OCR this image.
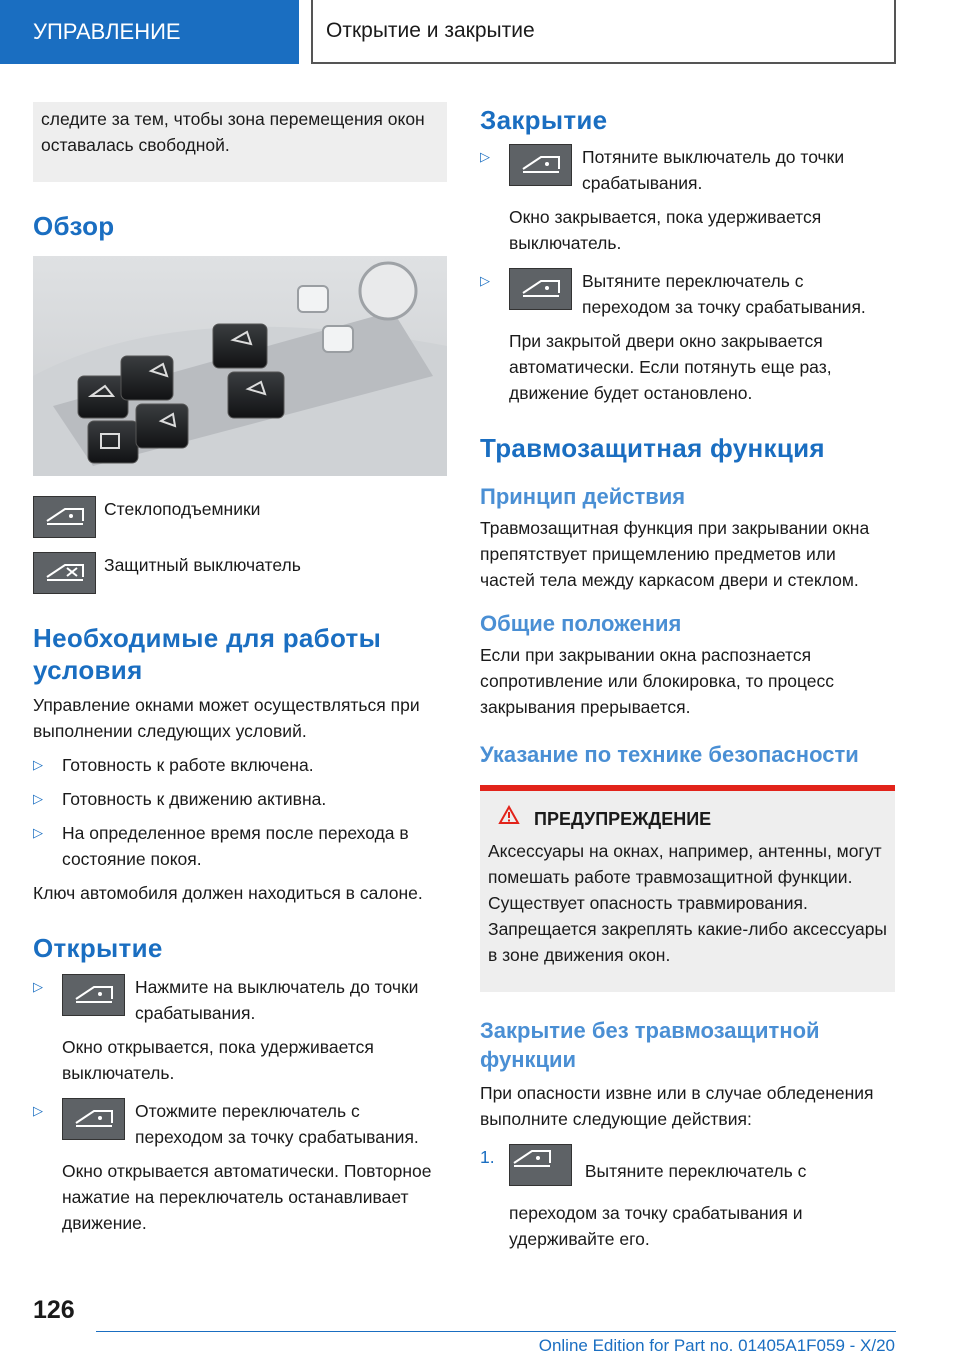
УПРАВЛЕНИЕ	Открытие и закрытие

следите за тем, чтобы зона перемещения окон оставалась свободной.

Обзор
Стеклоподъемники
Защитный выключатель
Необходимые для работы условия

Управление окнами может осуществляться при выполнении следующих условий.

▷	Готовность к работе включена.
▷	Готовность к движению активна.
▷	На определенное время после перехода в состояние покоя.

Ключ автомобиля должен находиться в салоне.

Открытие
▷	Нажмите на выключатель до точки срабатывания.

Окно открывается, пока удерживается выключатель.

▷	Отожмите переключатель с переходом за точку срабатывания.

Окно открывается автоматически. Повторное нажатие на переключатель останавливает движение.

Закрытие
▷	Потяните выключатель до точки срабатывания.

Окно закрывается, пока удерживается выключатель.

▷	Вытяните переключатель с переходом за точку срабатывания.

При закрытой двери окно закрывается автоматически. Если потянуть еще раз, движение будет остановлено.

Травмозащитная функция
Принцип действия

Травмозащитная функция при закрывании окна препятствует прищемлению предметов или частей тела между каркасом двери и стеклом.

Общие положения

Если при закрывании окна распознается сопротивление или блокировка, то процесс закрывания прерывается.

Указание по технике безопасности
ПРЕДУПРЕЖДЕНИЕ

Аксессуары на окнах, например, антенны, могут помешать работе травмозащитной функции. Существует опасность травмирования. Запрещается закреплять какие-либо аксессуары в зоне движения окон.

Закрытие без травмозащитной функции

При опасности извне или в случае обледенения выполните следующие действия:

1.
Вытяните переключатель с переходом за точку срабатывания и удерживайте его.
126
Online Edition for Part no. 01405A1F059 - X/20
